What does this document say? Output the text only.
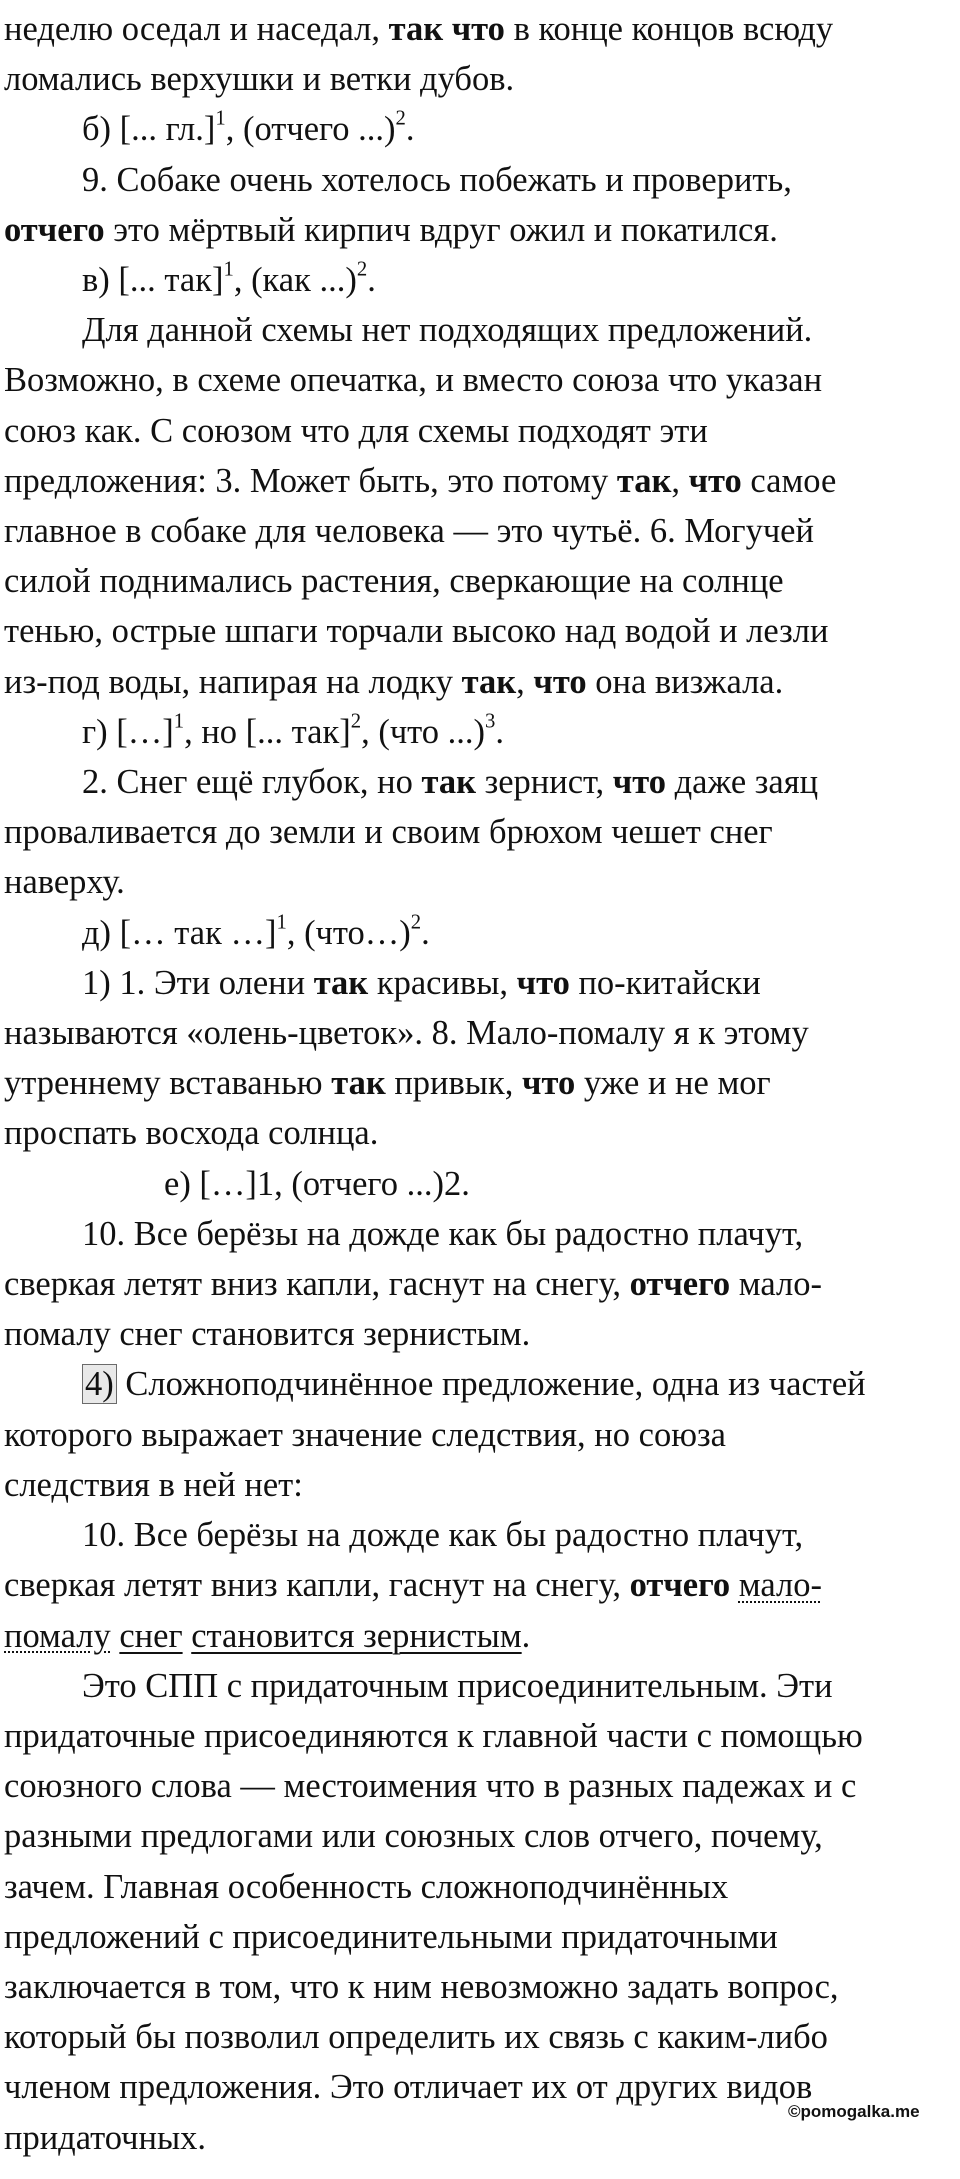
неделю оседал и наседал, так что в конце концов всюду

ломались верхушки и ветки дубов.

б) [... гл.]$^1$, (отчего ...)$^2$.

9. Собаке очень хотелось побежать и проверить,

отчего это мёртвый кирпич вдруг ожил и покатился.

в) [... так]$^1$, (как ...)$^2$.

Для данной схемы нет подходящих предложений.

Возможно, в схеме опечатка, и вместо союза что указан

союз как. С союзом что для схемы подходят эти

предложения: 3. Может быть, это потому так, что самое

главное в собаке для человека — это чутьё. 6. Могучей

силой поднимались растения, сверкающие на солнце

тенью, острые шпаги торчали высоко над водой и лезли

из-под воды, напирая на лодку так, что она визжала.

г) […]$^1$, но [... так]$^2$, (что ...)$^3$.

2. Снег ещё глубок, но так зернист, что даже заяц

проваливается до земли и своим брюхом чешет снег

наверху.

д) [… так …]$^1$, (что…)$^2$.

1) 1. Эти олени так красивы, что по-китайски

называются «олень-цветок». 8. Мало-помалу я к этому

утреннему вставанью так привык, что уже и не мог

проспать восхода солнца.

е) […]1, (отчего ...)2.

10. Все берёзы на дожде как бы радостно плачут,

сверкая летят вниз капли, гаснут на снегу, отчего мало-

помалу снег становится зернистым.

4) Сложноподчинённое предложение, одна из частей

которого выражает значение следствия, но союза

следствия в ней нет:

10. Все берёзы на дожде как бы радостно плачут,

сверкая летят вниз капли, гаснут на снегу, отчего мало-

помалу снег становится зернистым.

Это СПП с придаточным присоединительным. Эти

придаточные присоединяются к главной части с помощью

союзного слова — местоимения что в разных падежах и с

разными предлогами или союзных слов отчего, почему,

зачем. Главная особенность сложноподчинённых

предложений с присоединительными придаточными

заключается в том, что к ним невозможно задать вопрос,

который бы позволил определить их связь с каким-либо

членом предложения. Это отличает их от других видов

придаточных.

©pomogalka.me
